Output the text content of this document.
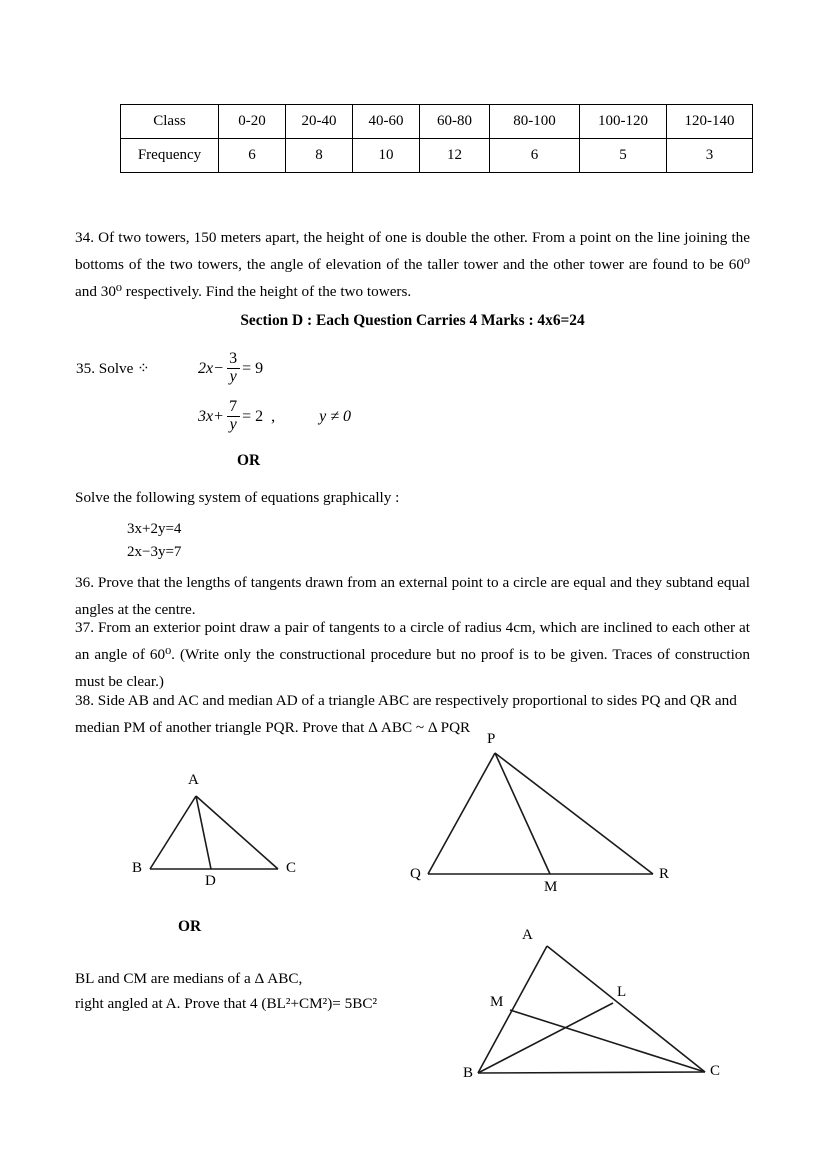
Class	0-20	20-40	40-60	60-80	80-100	100-120	120-140
Frequency	6	8	10	12	6	5	3
34. Of two towers, 150 meters apart, the height of one is double the other. From a point on the line joining the bottoms of the two towers, the angle of elevation of the taller tower and the other tower are found to be 60⁰ and 30⁰ respectively. Find the height of the two towers.
Section D : Each Question Carries 4 Marks : 4x6=24
35. Solve ⁘	$2x - \frac{3}{y} = 9$
$3x + \frac{7}{y} = 2$ ,	y ≠ 0
OR
Solve the following system of equations graphically :
3x+2y=4
2x−3y=7
36. Prove that the lengths of tangents drawn from an external point to a circle are equal and they subtand equal angles at the centre.
37. From an exterior point draw a pair of tangents to a circle of radius 4cm, which are inclined to each other at an angle of 60⁰. (Write only the constructional procedure but no proof is to be given. Traces of construction must be clear.)
38. Side AB and AC and median AD of a triangle ABC are respectively proportional to sides PQ and QR and median PM of another triangle PQR. Prove that Δ ABC ~ Δ PQR
A
B	C
D
P
Q
M
R
OR
BL and CM are medians of a Δ ABC,
right angled at A. Prove that 4 (BL²+CM²)= 5BC²
A
B	C
M
L
